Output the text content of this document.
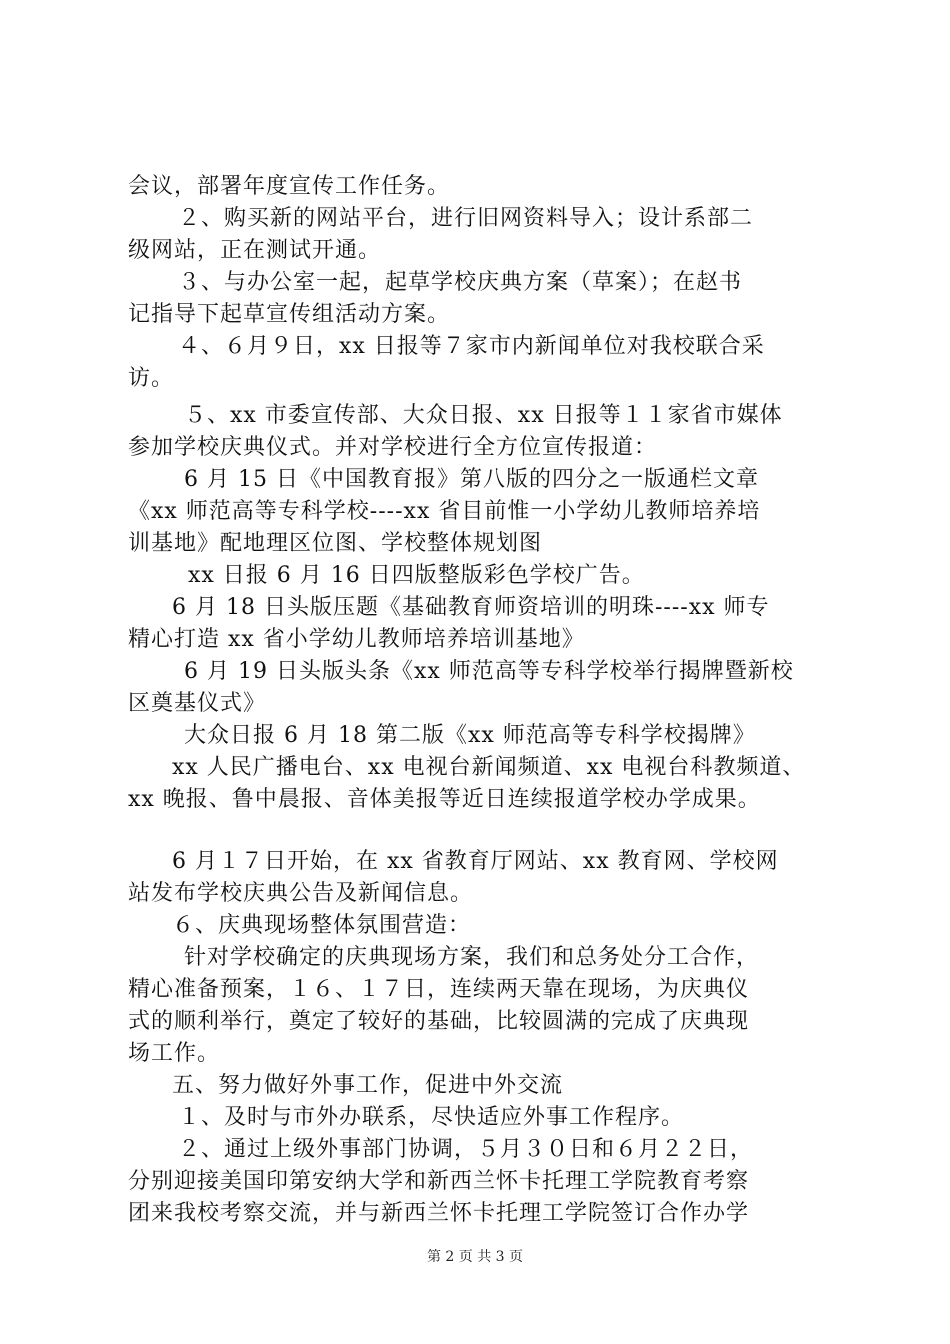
会议，部署年度宣传工作任务。
２、购买新的网站平台，进行旧网资料导入；设计系部二
级网站，正在测试开通。
３、与办公室一起，起草学校庆典方案（草案）；在赵书
记指导下起草宣传组活动方案。
４、６月９日，xx 日报等７家市内新闻单位对我校联合采
访。
５、xx 市委宣传部、大众日报、xx 日报等１１家省市媒体
参加学校庆典仪式。并对学校进行全方位宣传报道：
6 月 15 日《中国教育报》第八版的四分之一版通栏文章
《xx 师范高等专科学校----xx 省目前惟一小学幼儿教师培养培
训基地》配地理区位图、学校整体规划图
xx 日报 6 月 16 日四版整版彩色学校广告。
6 月 18 日头版压题《基础教育师资培训的明珠----xx 师专
精心打造 xx 省小学幼儿教师培养培训基地》
6 月 19 日头版头条《xx 师范高等专科学校举行揭牌暨新校
区奠基仪式》
大众日报 6 月 18 第二版《xx 师范高等专科学校揭牌》
xx 人民广播电台、xx 电视台新闻频道、xx 电视台科教频道、
xx 晚报、鲁中晨报、音体美报等近日连续报道学校办学成果。
6 月１７日开始，在 xx 省教育厅网站、xx 教育网、学校网
站发布学校庆典公告及新闻信息。
６、庆典现场整体氛围营造：
针对学校确定的庆典现场方案，我们和总务处分工合作，
精心准备预案，１６、１７日，连续两天靠在现场，为庆典仪
式的顺利举行，奠定了较好的基础，比较圆满的完成了庆典现
场工作。
五、努力做好外事工作，促进中外交流
１、及时与市外办联系，尽快适应外事工作程序。
２、通过上级外事部门协调，５月３０日和６月２２日，
分别迎接美国印第安纳大学和新西兰怀卡托理工学院教育考察
团来我校考察交流，并与新西兰怀卡托理工学院签订合作办学
第 2 页 共 3 页
